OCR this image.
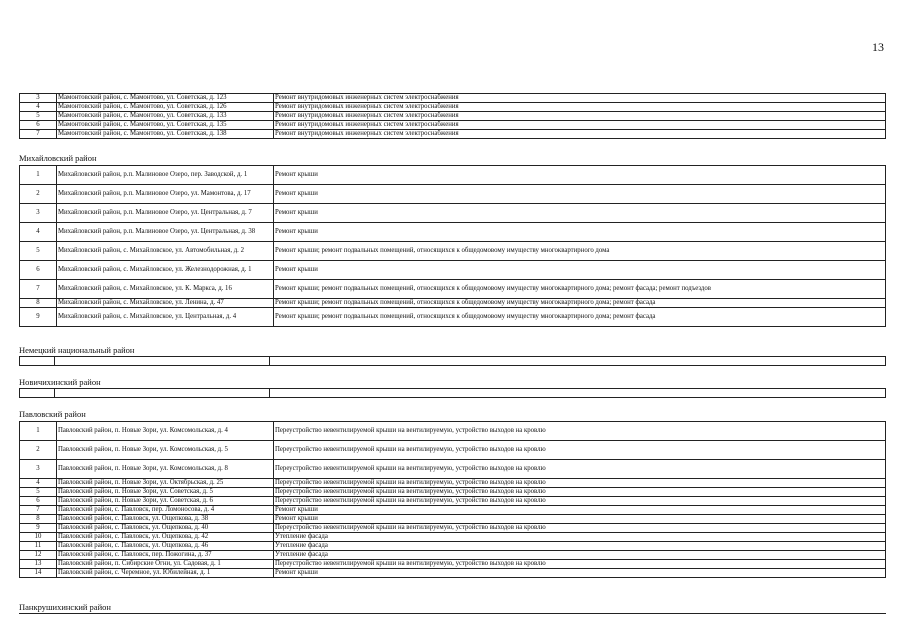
13
3	Мамонтовский район, с. Мамонтово, ул. Советская, д. 123	Ремонт внутридомовых инженерных систем электроснабжения
4	Мамонтовский район, с. Мамонтово, ул. Советская, д. 126	Ремонт внутридомовых инженерных систем электроснабжения
5	Мамонтовский район, с. Мамонтово, ул. Советская, д. 133	Ремонт внутридомовых инженерных систем электроснабжения
6	Мамонтовский район, с. Мамонтово, ул. Советская, д. 135	Ремонт внутридомовых инженерных систем электроснабжения
7	Мамонтовский район, с. Мамонтово, ул. Советская, д. 138	Ремонт внутридомовых инженерных систем электроснабжения
Михайловский район
1	Михайловский район, р.п. Малиновое Озеро, пер. Заводской, д. 1	Ремонт крыши
2	Михайловский район, р.п. Малиновое Озеро, ул. Мамонтова, д. 17	Ремонт крыши
3	Михайловский район, р.п. Малиновое Озеро, ул. Центральная, д. 7	Ремонт крыши
4	Михайловский район, р.п. Малиновое Озеро, ул. Центральная, д. 38	Ремонт крыши
5	Михайловский район, с. Михайловское, ул. Автомобильная, д. 2	Ремонт крыши; ремонт подвальных помещений, относящихся к общедомовому имуществу многоквартирного дома
6	Михайловский район, с. Михайловское, ул. Железнодорожная, д. 1	Ремонт крыши
7	Михайловский район, с. Михайловское, ул. К. Маркса, д. 16	Ремонт крыши; ремонт подвальных помещений, относящихся к общедомовому имуществу многоквартирного дома; ремонт фасада; ремонт подъездов
8	Михайловский район, с. Михайловское, ул. Ленина, д. 47	Ремонт крыши; ремонт подвальных помещений, относящихся к общедомовому имуществу многоквартирного дома; ремонт фасада
9	Михайловский район, с. Михайловское, ул. Центральная, д. 4	Ремонт крыши; ремонт подвальных помещений, относящихся к общедомовому имуществу многоквартирного дома; ремонт фасада
Немецкий национальный район

Новичихинский район

Павловский район
1	Павловский район, п. Новые Зори, ул. Комсомольская, д. 4	Переустройство невентилируемой крыши на вентилируемую, устройство выходов на кровлю
2	Павловский район, п. Новые Зори, ул. Комсомольская, д. 5	Переустройство невентилируемой крыши на вентилируемую, устройство выходов на кровлю
3	Павловский район, п. Новые Зори, ул. Комсомольская, д. 8	Переустройство невентилируемой крыши на вентилируемую, устройство выходов на кровлю
4	Павловский район, п. Новые Зори, ул. Октябрьская, д. 25	Переустройство невентилируемой крыши на вентилируемую, устройство выходов на кровлю
5	Павловский район, п. Новые Зори, ул. Советская, д. 5	Переустройство невентилируемой крыши на вентилируемую, устройство выходов на кровлю
6	Павловский район, п. Новые Зори, ул. Советская, д. 6	Переустройство невентилируемой крыши на вентилируемую, устройство выходов на кровлю
7	Павловский район, с. Павловск, пер. Ломоносова, д. 4	Ремонт крыши
8	Павловский район, с. Павловск, ул. Ощепкова, д. 38	Ремонт крыши
9	Павловский район, с. Павловск, ул. Ощепкова, д. 40	Переустройство невентилируемой крыши на вентилируемую, устройство выходов на кровлю
10	Павловский район, с. Павловск, ул. Ощепкова, д. 42	Утепление фасада
11	Павловский район, с. Павловск, ул. Ощепкова, д. 46	Утепление фасада
12	Павловский район, с. Павловск, пер. Пожогина, д. 37	Утепление фасада
13	Павловский район, п. Сибирские Огни, ул. Садовая, д. 1	Переустройство невентилируемой крыши на вентилируемую, устройство выходов на кровлю
14	Павловский район, с. Черемное, ул. Юбилейная, д. 1	Ремонт крыши
Панкрушихинский район
